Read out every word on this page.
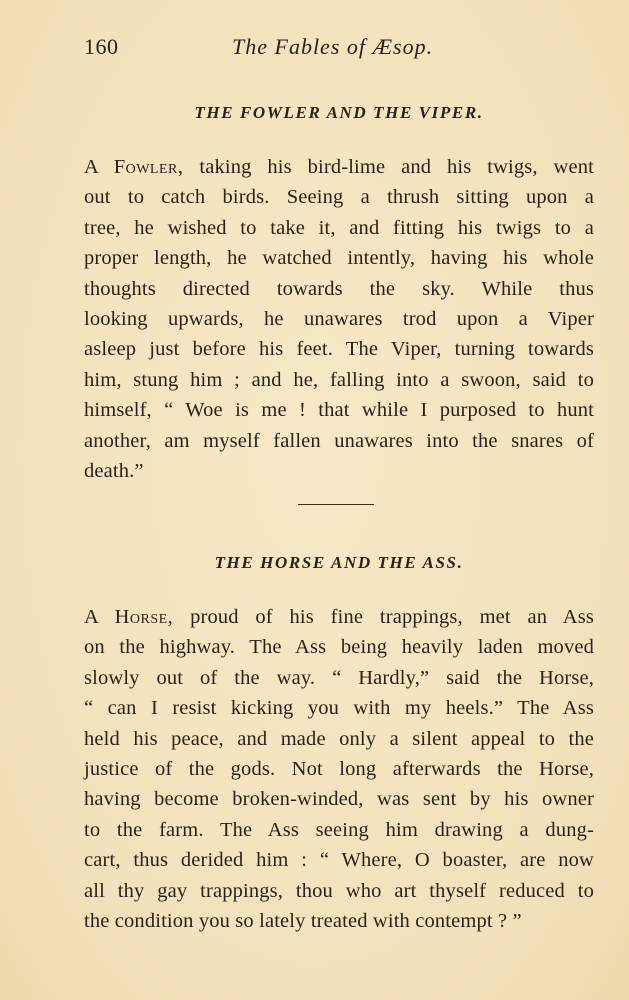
160	The Fables of Æsop.
THE FOWLER AND THE VIPER.

A Fowler, taking his bird-lime and his twigs, went
out to catch birds. Seeing a thrush sitting upon a
tree, he wished to take it, and fitting his twigs to a
proper length, he watched intently, having his whole
thoughts directed towards the sky. While thus
looking upwards, he unawares trod upon a Viper
asleep just before his feet. The Viper, turning towards
him, stung him ; and he, falling into a swoon, said to
himself, “ Woe is me ! that while I purposed to hunt
another, am myself fallen unawares into the snares of
death.”

THE HORSE AND THE ASS.

A Horse, proud of his fine trappings, met an Ass
on the highway. The Ass being heavily laden moved
slowly out of the way. “ Hardly,” said the Horse,
“ can I resist kicking you with my heels.” The Ass
held his peace, and made only a silent appeal to the
justice of the gods. Not long afterwards the Horse,
having become broken-winded, was sent by his owner
to the farm. The Ass seeing him drawing a dung-
cart, thus derided him : “ Where, O boaster, are now
all thy gay trappings, thou who art thyself reduced to
the condition you so lately treated with contempt ? ”
